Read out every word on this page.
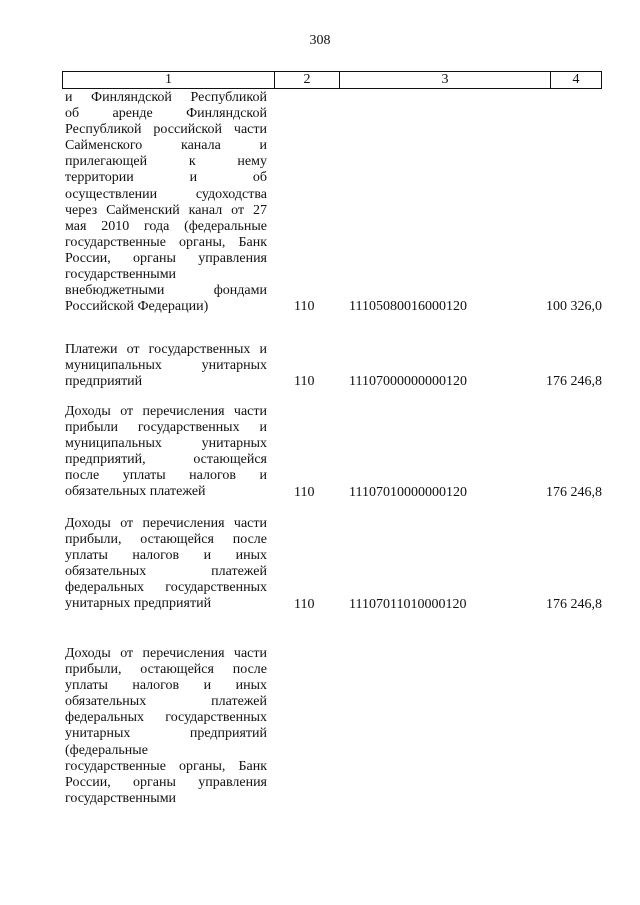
308
1	2	3	4
и Финляндской Республикой
об аренде Финляндской
Республикой российской части
Сайменского канала и
прилегающей к нему
территории и об
осуществлении судоходства
через Сайменский канал от 27
мая 2010 года (федеральные
государственные органы, Банк
России, органы управления
государственными
внебюджетными фондами
Российской Федерации)	110 11105080016000120	100 326,0
Платежи от государственных и
муниципальных унитарных
предприятий	110 11107000000000120	176 246,8
Доходы от перечисления части
прибыли государственных и
муниципальных унитарных
предприятий, остающейся
после уплаты налогов и
обязательных платежей	110 11107010000000120	176 246,8
Доходы от перечисления части
прибыли, остающейся после
уплаты налогов и иных
обязательных платежей
федеральных государственных
унитарных предприятий	110 11107011010000120	176 246,8
Доходы от перечисления части
прибыли, остающейся после
уплаты налогов и иных
обязательных платежей
федеральных государственных
унитарных предприятий
(федеральные
государственные органы, Банк
России, органы управления
государственными
